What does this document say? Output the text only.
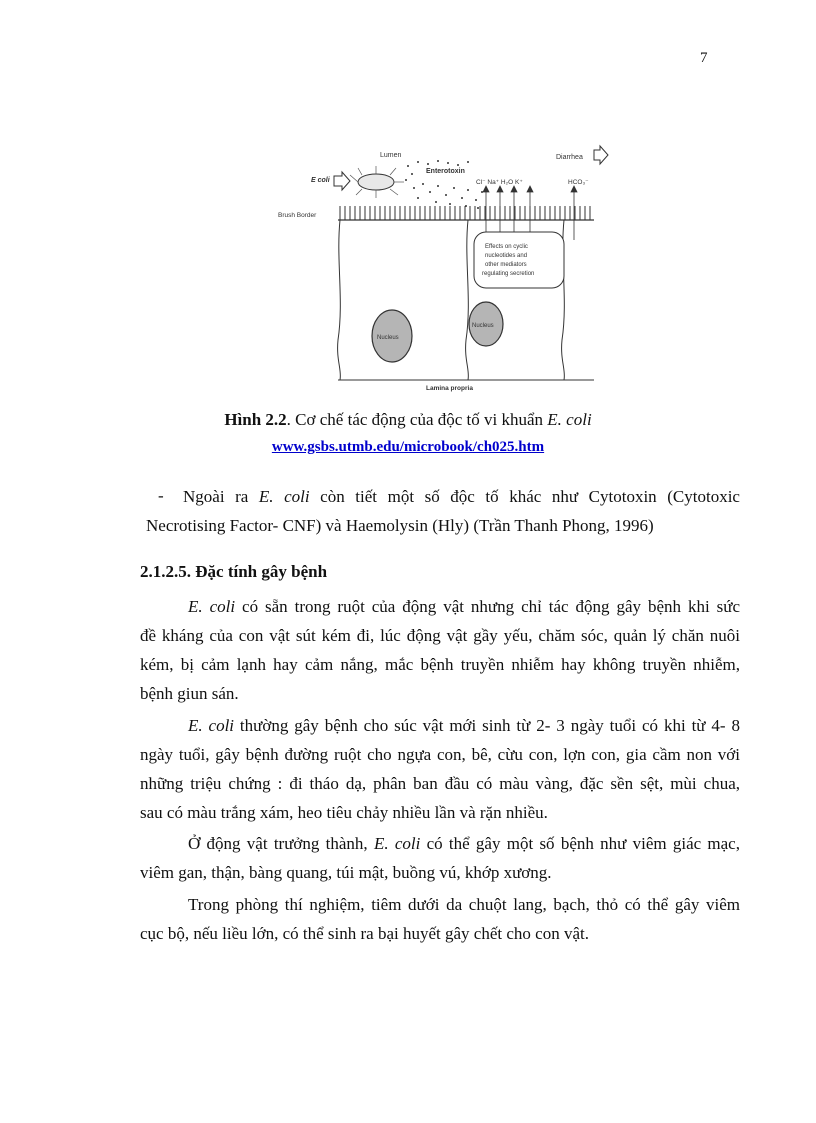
7
Lumen	Diarrhea
E coli
Enterotoxin
Cl⁻ Na⁺ H₂O K⁺	HCO₃⁻
Brush Border
Effects on cyclic
nucleotides and
other mediators
regulating secretion
Nucleus
Nucleus
Lamina propria
Hình 2.2. Cơ chế tác động của độc tố vi khuẩn E. coli
www.gsbs.utmb.edu/microbook/ch025.htm
- Ngoài ra E. coli còn tiết một số độc tố khác như Cytotoxin (Cytotoxic
Necrotising Factor- CNF) và Haemolysin (Hly) (Trần Thanh Phong, 1996)
2.1.2.5. Đặc tính gây bệnh
E. coli có sẵn trong ruột của động vật nhưng chỉ tác động gây bệnh khi sức
đề kháng của con vật sút kém đi, lúc động vật gầy yếu, chăm sóc, quản lý chăn nuôi
kém, bị cảm lạnh hay cảm nắng, mắc bệnh truyền nhiễm hay không truyền nhiễm,
bệnh giun sán.
E. coli thường gây bệnh cho súc vật mới sinh từ 2- 3 ngày tuổi có khi từ 4- 8
ngày tuổi, gây bệnh đường ruột cho ngựa con, bê, cừu con, lợn con, gia cầm non với
những triệu chứng : đi tháo dạ, phân ban đầu có màu vàng, đặc sền sệt, mùi chua,
sau có màu trắng xám, heo tiêu chảy nhiều lần và rặn nhiều.
Ở động vật trưởng thành, E. coli có thể gây một số bệnh như viêm giác mạc,
viêm gan, thận, bàng quang, túi mật, buồng vú, khớp xương.
Trong phòng thí nghiệm, tiêm dưới da chuột lang, bạch, thỏ có thể gây viêm
cục bộ, nếu liều lớn, có thể sinh ra bại huyết gây chết cho con vật.
